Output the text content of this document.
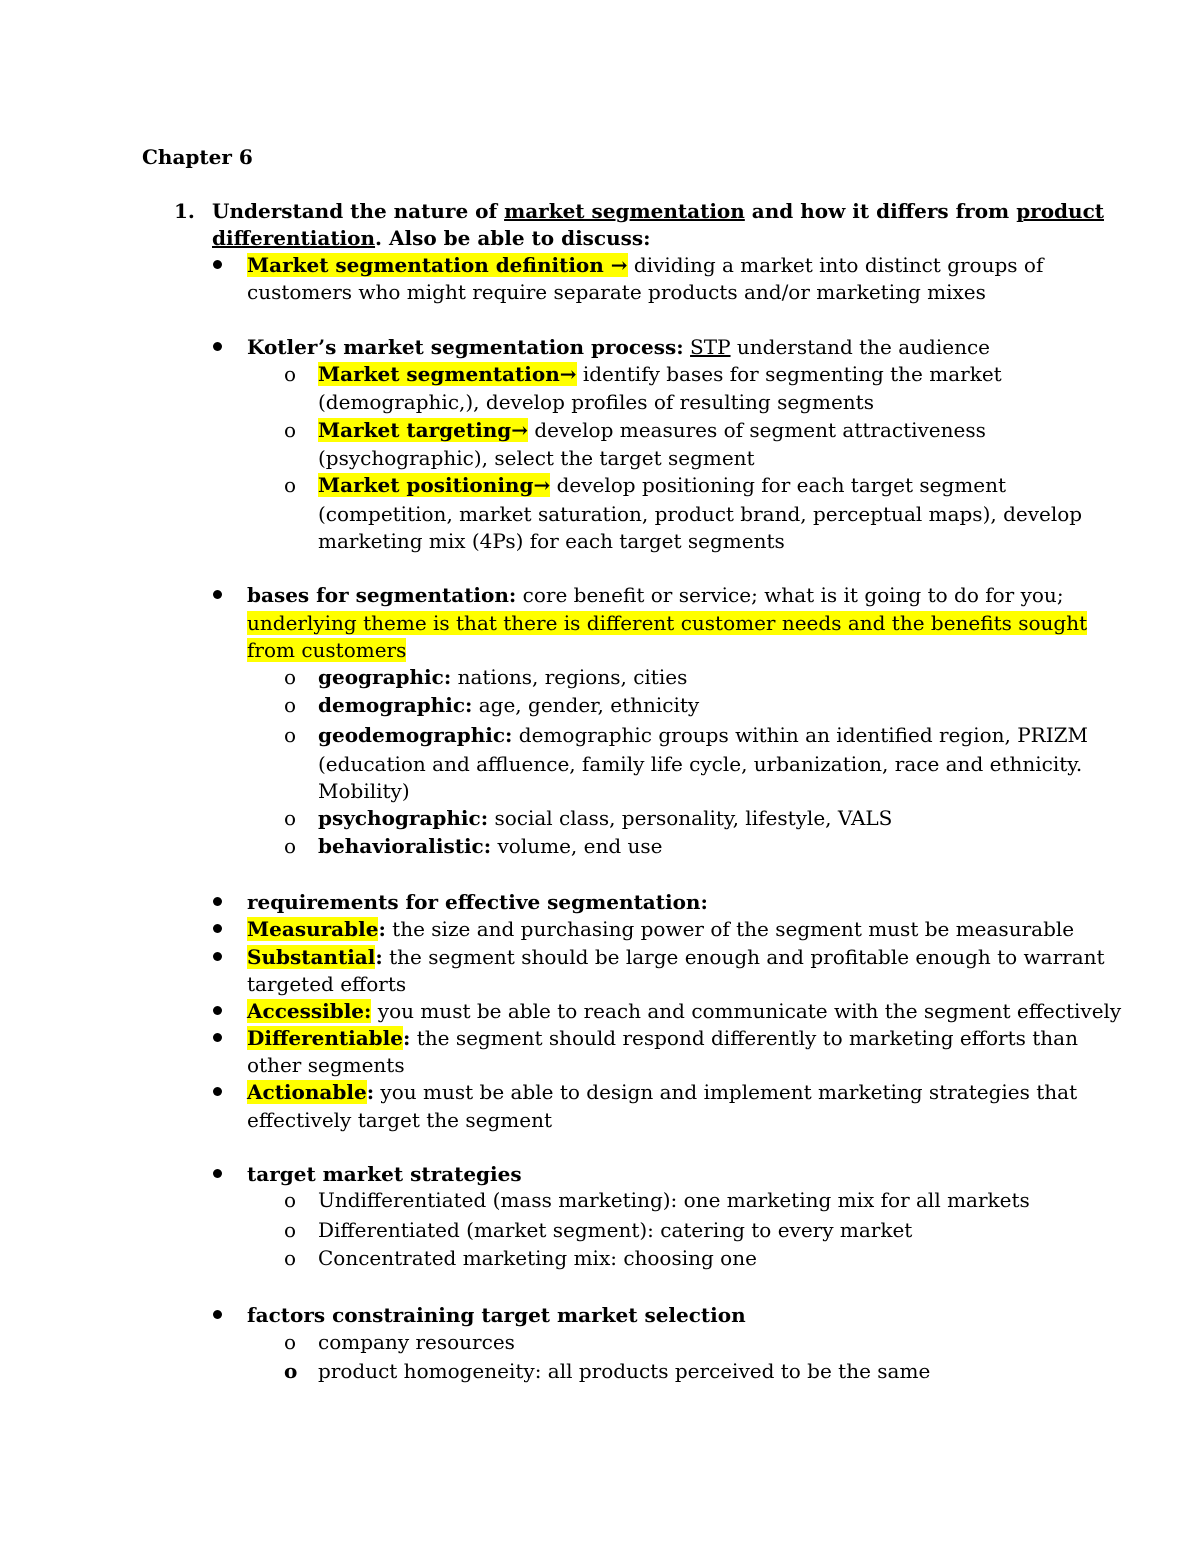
Chapter 6
1. Understand the nature of market segmentation and how it differs from product
differentiation. Also be able to discuss:
Market segmentation definition → dividing a market into distinct groups of
customers who might require separate products and/or marketing mixes
Kotler’s market segmentation process: STP understand the audience
o Market segmentation→ identify bases for segmenting the market
(demographic,), develop profiles of resulting segments
o Market targeting→ develop measures of segment attractiveness
(psychographic), select the target segment
o Market positioning→ develop positioning for each target segment
(competition, market saturation, product brand, perceptual maps), develop
marketing mix (4Ps) for each target segments
bases for segmentation: core benefit or service; what is it going to do for you;
underlying theme is that there is different customer needs and the benefits sought
from customers
o geographic: nations, regions, cities
o demographic: age, gender, ethnicity
o geodemographic: demographic groups within an identified region, PRIZM
(education and affluence, family life cycle, urbanization, race and ethnicity.
Mobility)
o psychographic: social class, personality, lifestyle, VALS
o behavioralistic: volume, end use
requirements for effective segmentation:
Measurable: the size and purchasing power of the segment must be measurable
Substantial: the segment should be large enough and profitable enough to warrant
targeted efforts
Accessible: you must be able to reach and communicate with the segment effectively
Differentiable: the segment should respond differently to marketing efforts than
other segments
Actionable: you must be able to design and implement marketing strategies that
effectively target the segment
target market strategies
o Undifferentiated (mass marketing): one marketing mix for all markets
o Differentiated (market segment): catering to every market
o Concentrated marketing mix: choosing one
factors constraining target market selection
o company resources
o product homogeneity: all products perceived to be the same
